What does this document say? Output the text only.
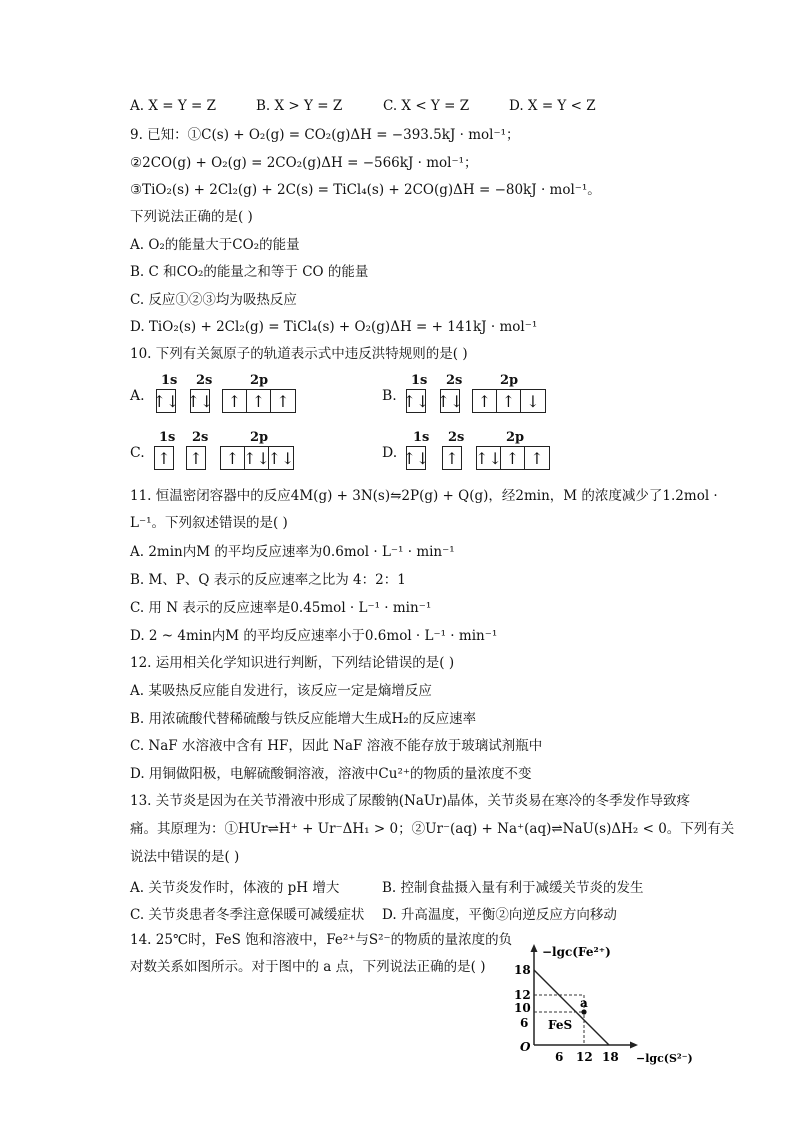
A. X = Y = Z	B. X > Y = Z	C. X < Y = Z	D. X = Y < Z
9. 已知：①C(s) + O₂(g) = CO₂(g)ΔH = −393.5kJ · mol⁻¹；
②2CO(g) + O₂(g) = 2CO₂(g)ΔH = −566kJ · mol⁻¹；
③TiO₂(s) + 2Cl₂(g) + 2C(s) = TiCl₄(s) + 2CO(g)ΔH = −80kJ · mol⁻¹。
下列说法正确的是( )
A. O₂的能量大于CO₂的能量
B. C 和CO₂的能量之和等于 CO 的能量
C. 反应①②③均为吸热反应
D. TiO₂(s) + 2Cl₂(g) = TiCl₄(s) + O₂(g)ΔH = + 141kJ · mol⁻¹
10. 下列有关氮原子的轨道表示式中违反洪特规则的是( )
A.
1s 2s	2p
↑↓ ↑↓ ↑ ↑ ↑	B.
1s 2s	2p
↑↓ ↑↓ ↑ ↑ ↓
C.
1s 2s	2p
↑ ↑ ↑ ↑↓
↑↓	D.
1s 2s	2p
↑↓ ↑ ↑↓ ↑ ↑
11. 恒温密闭容器中的反应4M(g) + 3N(s)⇋2P(g) + Q(g)，经2min，M 的浓度减少了1.2mol ·
L⁻¹。下列叙述错误的是( )
A. 2min内M 的平均反应速率为0.6mol · L⁻¹ · min⁻¹
B. M、P、Q 表示的反应速率之比为 4：2：1
C. 用 N 表示的反应速率是0.45mol · L⁻¹ · min⁻¹
D. 2 ~ 4min内M 的平均反应速率小于0.6mol · L⁻¹ · min⁻¹
12. 运用相关化学知识进行判断，下列结论错误的是( )
A. 某吸热反应能自发进行，该反应一定是熵增反应
B. 用浓硫酸代替稀硫酸与铁反应能增大生成H₂的反应速率
C. NaF 水溶液中含有 HF，因此 NaF 溶液不能存放于玻璃试剂瓶中
D. 用铜做阳极，电解硫酸铜溶液，溶液中Cu²⁺的物质的量浓度不变
13. 关节炎是因为在关节滑液中形成了尿酸钠(NaUr)晶体，关节炎易在寒冷的冬季发作导致疼
痛。其原理为：①HUr⇌H⁺ + Ur⁻ΔH₁ > 0；②Ur⁻(aq) + Na⁺(aq)⇌NaU(s)ΔH₂ < 0。下列有关
说法中错误的是( )
A. 关节炎发作时，体液的 pH 增大	B. 控制食盐摄入量有利于减缓关节炎的发生
C. 关节炎患者冬季注意保暖可减缓症状 D. 升高温度，平衡②向逆反应方向移动
14. 25℃时，FeS 饱和溶液中，Fe²⁺与S²⁻的物质的量浓度的负
对数关系如图所示。对于图中的 a 点，下列说法正确的是( )
−lgc(Fe²⁺)
−lgc(S²⁻)
18
12
10
6
O
6 12 18
FeS
a
